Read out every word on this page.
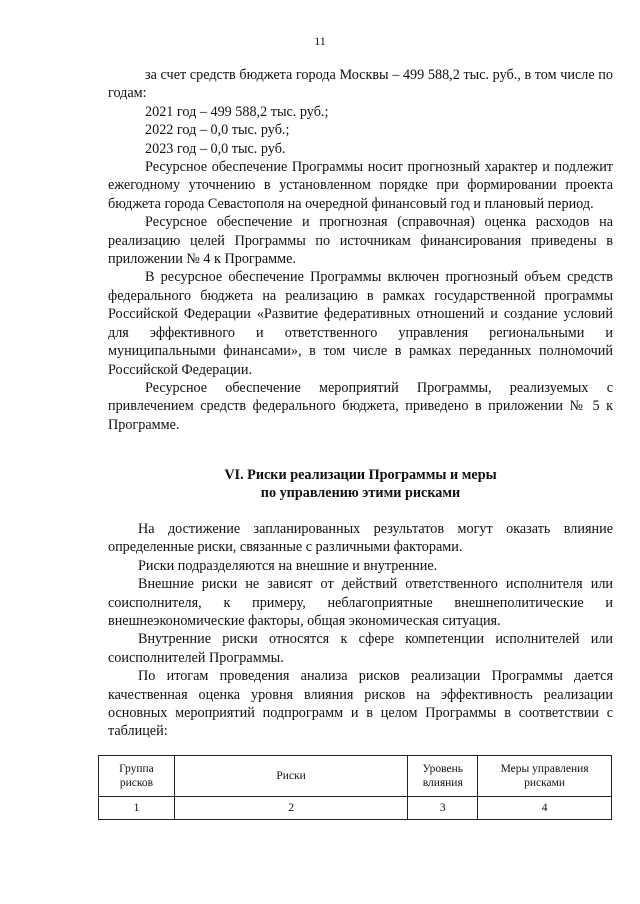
11

за счет средств бюджета города Москвы – 499 588,2 тыс. руб., в том числе по годам:

2021 год – 499 588,2 тыс. руб.;

2022 год – 0,0 тыс. руб.;

2023 год – 0,0 тыс. руб.

Ресурсное обеспечение Программы носит прогнозный характер и подлежит ежегодному уточнению в установленном порядке при формировании проекта бюджета города Севастополя на очередной финансовый год и плановый период.

Ресурсное обеспечение и прогнозная (справочная) оценка расходов на реализацию целей Программы по источникам финансирования приведены в приложении № 4 к Программе.

В ресурсное обеспечение Программы включен прогнозный объем средств федерального бюджета на реализацию в рамках государственной программы Российской Федерации «Развитие федеративных отношений и создание условий для эффективного и ответственного управления региональными и муниципальными финансами», в том числе в рамках переданных полномочий Российской Федерации.

Ресурсное обеспечение мероприятий Программы, реализуемых с привлечением средств федерального бюджета, приведено в приложении № 5 к Программе.

VI. Риски реализации Программы и меры
по управлению этими рисками

На достижение запланированных результатов могут оказать влияние определенные риски, связанные с различными факторами.

Риски подразделяются на внешние и внутренние.

Внешние риски не зависят от действий ответственного исполнителя или соисполнителя, к примеру, неблагоприятные внешнеполитические и внешнеэкономические факторы, общая экономическая ситуация.

Внутренние риски относятся к сфере компетенции исполнителей или соисполнителей Программы.

По итогам проведения анализа рисков реализации Программы дается качественная оценка уровня влияния рисков на эффективность реализации основных мероприятий подпрограмм и в целом Программы в соответствии с таблицей:

Группа рисков	Риски	Уровень влияния	Меры управления рисками
1	2	3	4
